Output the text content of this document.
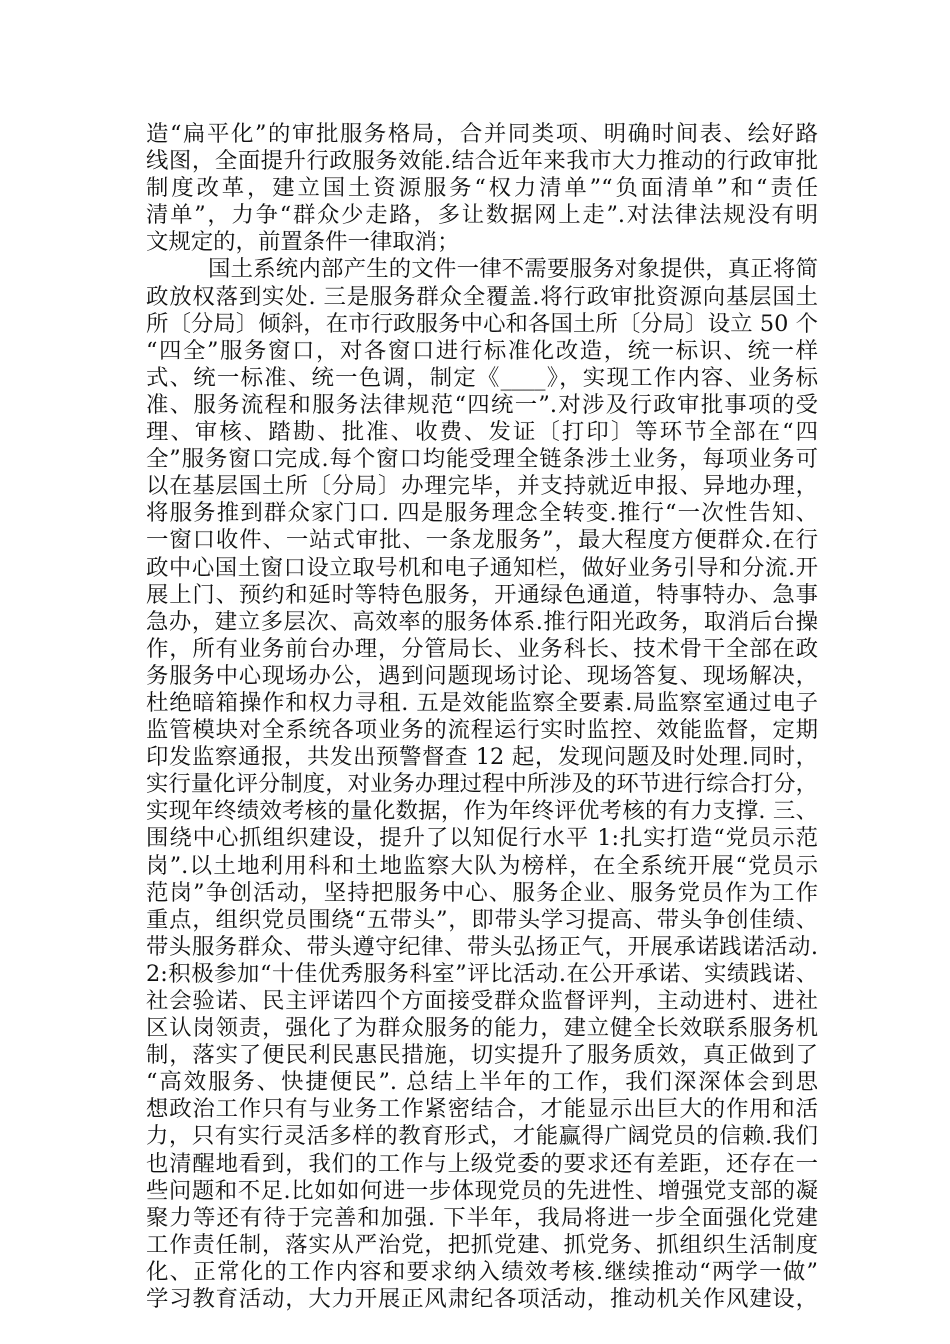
造“扁平化”的审批服务格局，合并同类项、明确时间表、绘好路
线图，全面提升行政服务效能.结合近年来我市大力推动的行政审批
制度改革，建立国土资源服务“权力清单”“负面清单”和“责任
清单”，力争“群众少走路，多让数据网上走”.对法律法规没有明
文规定的，前置条件一律取消；
国土系统内部产生的文件一律不需要服务对象提供，真正将简
政放权落到实处. 三是服务群众全覆盖.将行政审批资源向基层国土
所〔分局〕倾斜，在市行政服务中心和各国土所〔分局〕设立 50 个
“四全”服务窗口，对各窗口进行标准化改造，统一标识、统一样
式、统一标准、统一色调，制定《____》，实现工作内容、业务标
准、服务流程和服务法律规范“四统一”.对涉及行政审批事项的受
理、审核、踏勘、批准、收费、发证〔打印〕等环节全部在“四
全”服务窗口完成.每个窗口均能受理全链条涉土业务，每项业务可
以在基层国土所〔分局〕办理完毕，并支持就近申报、异地办理，
将服务推到群众家门口. 四是服务理念全转变.推行“一次性告知、
一窗口收件、一站式审批、一条龙服务”，最大程度方便群众.在行
政中心国土窗口设立取号机和电子通知栏，做好业务引导和分流.开
展上门、预约和延时等特色服务，开通绿色通道，特事特办、急事
急办，建立多层次、高效率的服务体系.推行阳光政务，取消后台操
作，所有业务前台办理，分管局长、业务科长、技术骨干全部在政
务服务中心现场办公，遇到问题现场讨论、现场答复、现场解决，
杜绝暗箱操作和权力寻租. 五是效能监察全要素.局监察室通过电子
监管模块对全系统各项业务的流程运行实时监控、效能监督，定期
印发监察通报，共发出预警督查 12 起，发现问题及时处理.同时，
实行量化评分制度，对业务办理过程中所涉及的环节进行综合打分，
实现年终绩效考核的量化数据，作为年终评优考核的有力支撑. 三、
围绕中心抓组织建设，提升了以知促行水平 1:扎实打造“党员示范
岗”.以土地利用科和土地监察大队为榜样，在全系统开展“党员示
范岗”争创活动，坚持把服务中心、服务企业、服务党员作为工作
重点，组织党员围绕“五带头”，即带头学习提高、带头争创佳绩、
带头服务群众、带头遵守纪律、带头弘扬正气，开展承诺践诺活动.
2:积极参加“十佳优秀服务科室”评比活动.在公开承诺、实绩践诺、
社会验诺、民主评诺四个方面接受群众监督评判，主动进村、进社
区认岗领责，强化了为群众服务的能力，建立健全长效联系服务机
制，落实了便民利民惠民措施，切实提升了服务质效，真正做到了
“高效服务、快捷便民”. 总结上半年的工作，我们深深体会到思
想政治工作只有与业务工作紧密结合，才能显示出巨大的作用和活
力，只有实行灵活多样的教育形式，才能赢得广阔党员的信赖.我们
也清醒地看到，我们的工作与上级党委的要求还有差距，还存在一
些问题和不足.比如如何进一步体现党员的先进性、增强党支部的凝
聚力等还有待于完善和加强. 下半年，我局将进一步全面强化党建
工作责任制，落实从严治党，把抓党建、抓党务、抓组织生活制度
化、正常化的工作内容和要求纳入绩效考核.继续推动“两学一做”
学习教育活动，大力开展正风肃纪各项活动，推动机关作风建设，
